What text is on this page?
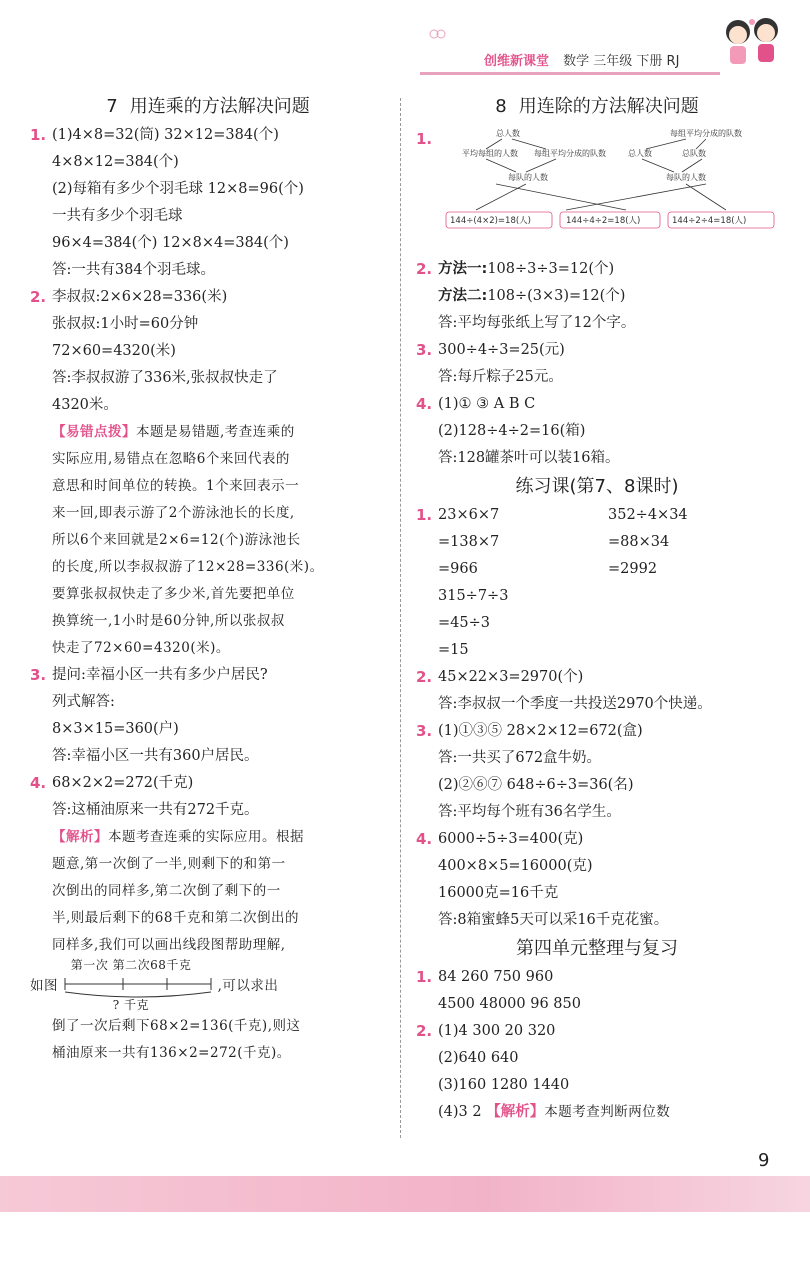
创维新课堂 数学 三年级 下册 RJ
7 用连乘的方法解决问题
1. (1)4×8=32(筒) 32×12=384(个)
4×8×12=384(个)
(2)每箱有多少个羽毛球 12×8=96(个)
一共有多少个羽毛球
96×4=384(个) 12×8×4=384(个)
答:一共有384个羽毛球。
2. 李叔叔:2×6×28=336(米)
张叔叔:1小时=60分钟
72×60=4320(米)
答:李叔叔游了336米,张叔叔快走了
4320米。
【易错点拨】本题是易错题,考查连乘的
实际应用,易错点在忽略6个来回代表的
意思和时间单位的转换。1个来回表示一
来一回,即表示游了2个游泳池长的长度,
所以6个来回就是2×6=12(个)游泳池长
的长度,所以李叔叔游了12×28=336(米)。
要算张叔叔快走了多少米,首先要把单位
换算统一,1小时是60分钟,所以张叔叔
快走了72×60=4320(米)。
3. 提问:幸福小区一共有多少户居民?
列式解答:
8×3×15=360(户)
答:幸福小区一共有360户居民。
4. 68×2×2=272(千克)
答:这桶油原来一共有272千克。
【解析】本题考查连乘的实际应用。根据
题意,第一次倒了一半,则剩下的和第一
次倒出的同样多,第二次倒了剩下的一
半,则最后剩下的68千克和第二次倒出的
同样多,我们可以画出线段图帮助理解,
如图
第一次 第二次68千克
? 千克
,可以求出
倒了一次后剩下68×2=136(千克),则这
桶油原来一共有136×2=272(千克)。
8 用连除的方法解决问题
1.	总人数
平均每组的人数 每组平均分成的队数
每队的人数
每组平均分成的队数
总人数	总队数
每队的人数
144÷(4×2)=18(人)	144÷4÷2=18(人)	144÷2÷4=18(人)
2. 方法一:108÷3÷3=12(个)
方法二:108÷(3×3)=12(个)
答:平均每张纸上写了12个字。
3. 300÷4÷3=25(元)
答:每斤粽子25元。
4. (1)① ③ A B C
(2)128÷4÷2=16(箱)
答:128罐茶叶可以装16箱。
练习课(第7、8课时)
1. 23×6×7	352÷4×34
=138×7	=88×34
=966	=2992
315÷7÷3
=45÷3
=15
2. 45×22×3=2970(个)
答:李叔叔一个季度一共投送2970个快递。
3. (1)①③⑤ 28×2×12=672(盒)
答:一共买了672盒牛奶。
(2)②⑥⑦ 648÷6÷3=36(名)
答:平均每个班有36名学生。
4. 6000÷5÷3=400(克)
400×8×5=16000(克)
16000克=16千克
答:8箱蜜蜂5天可以采16千克花蜜。
第四单元整理与复习
1. 84 260 750 960
4500 48000 96 850
2. (1)4 300 20 320
(2)640 640
(3)160 1280 1440
(4)3 2 【解析】本题考查判断两位数
9
